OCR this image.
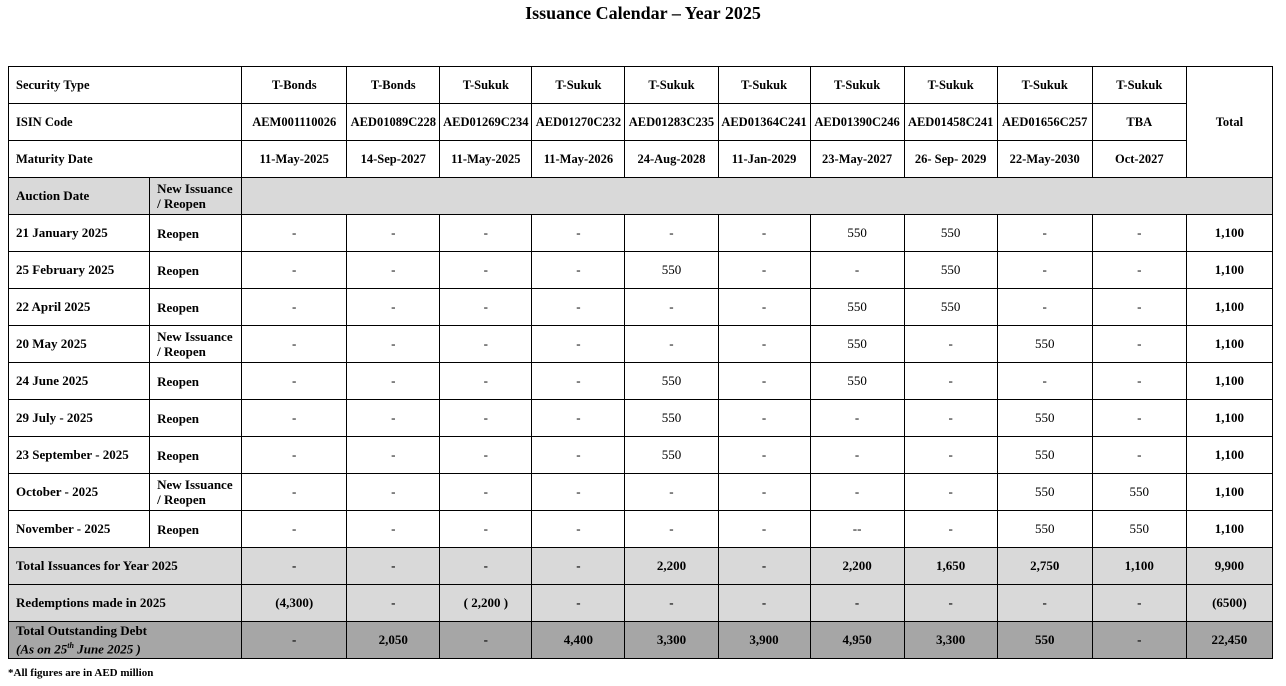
Issuance Calendar – Year 2025
Security Type		T-Bonds	T-Bonds	T-Sukuk	T-Sukuk	T-Sukuk	T-Sukuk	T-Sukuk	T-Sukuk	T-Sukuk	T-Sukuk	Total
ISIN Code		AEM001110026	AED01089C228	AED01269C234	AED01270C232	AED01283C235	AED01364C241	AED01390C246	AED01458C241	AED01656C257	TBA	
Maturity Date		11-May-2025	14-Sep-2027	11-May-2025	11-May-2026	24-Aug-2028	11-Jan-2029	23-May-2027	26- Sep- 2029	22-May-2030	Oct-2027	
Auction Date	New Issuance / Reopen											
21 January 2025	Reopen	-	-	-	-	-	-	550	550	-	-	1,100
25 February 2025	Reopen	-	-	-	-	550	-	-	550	-	-	1,100
22 April 2025	Reopen	-	-	-	-	-	-	550	550	-	-	1,100
20 May 2025	New Issuance / Reopen	-	-	-	-	-	-	550	-	550	-	1,100
24 June 2025	Reopen	-	-	-	-	550	-	550	-	-	-	1,100
29 July - 2025	Reopen	-	-	-	-	550	-	-	-	550	-	1,100
23 September - 2025	Reopen	-	-	-	-	550	-	-	-	550	-	1,100
October - 2025	New Issuance / Reopen	-	-	-	-	-	-	-	-	550	550	1,100
November - 2025	Reopen	-	-	-	-	-	-	--	-	550	550	1,100
Total Issuances for Year 2025		-	-	-	-	2,200	-	2,200	1,650	2,750	1,100	9,900
Redemptions made in 2025		(4,300)	-	( 2,200 )	-	-	-	-	-	-	-	(6500)

Total Outstanding Debt
(As on 25th June 2025 )		-	2,050	-	4,400	3,300	3,900	4,950	3,300	550	-	22,450
*All figures are in AED million
